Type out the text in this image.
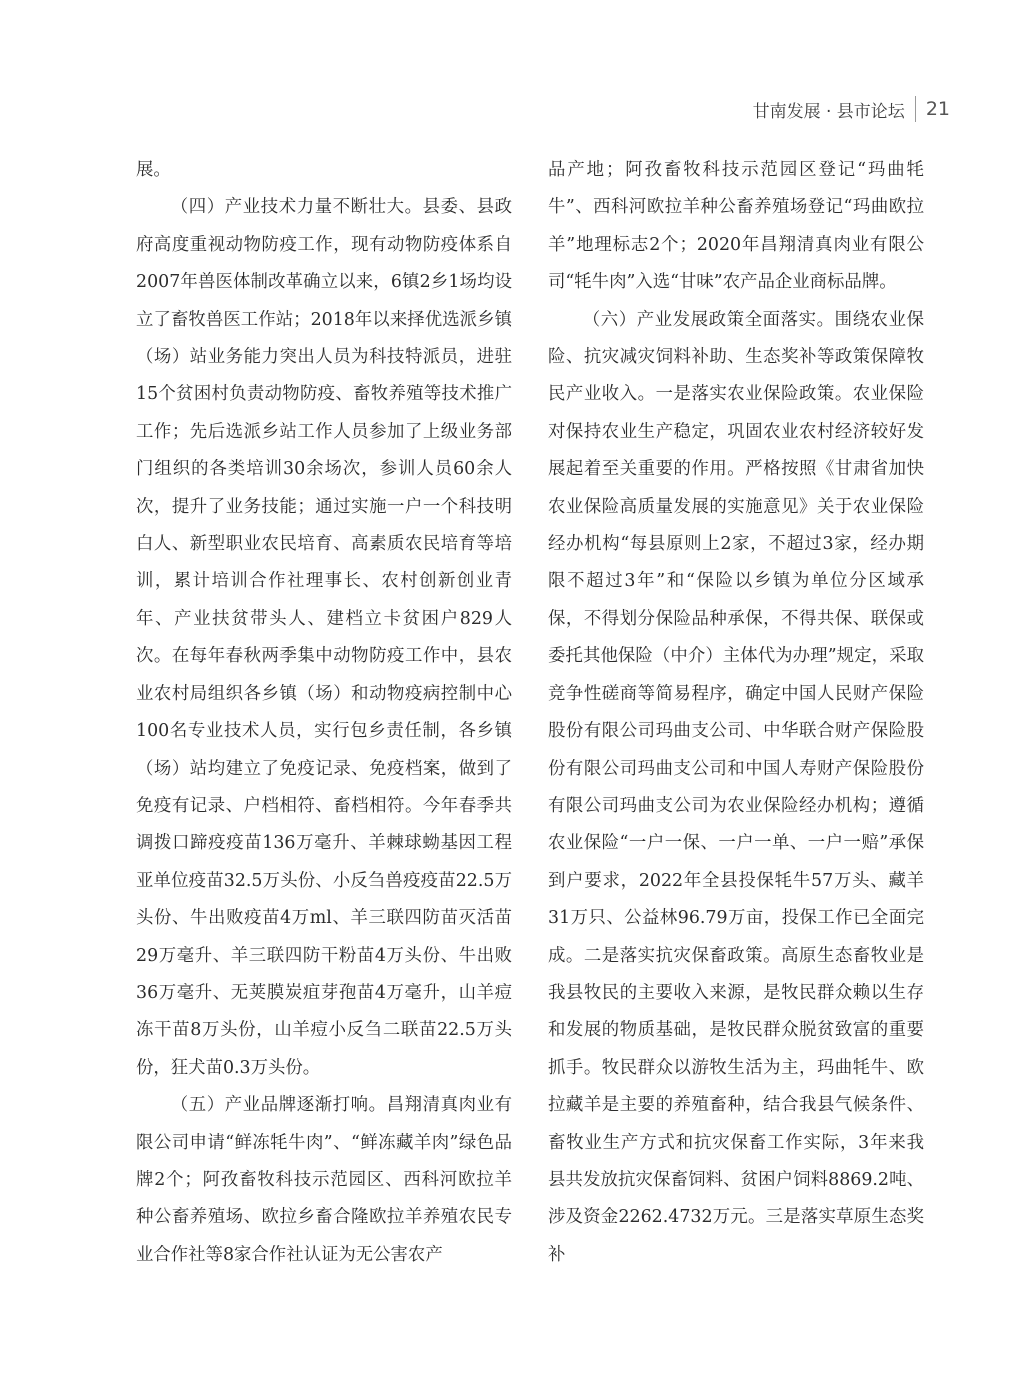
甘南发展 · 县市论坛 21

展。

（四）产业技术力量不断壮大。县委、县政府高度重视动物防疫工作，现有动物防疫体系自2007年兽医体制改革确立以来，6镇2乡1场均设立了畜牧兽医工作站；2018年以来择优选派乡镇（场）站业务能力突出人员为科技特派员，进驻15个贫困村负责动物防疫、畜牧养殖等技术推广工作；先后选派乡站工作人员参加了上级业务部门组织的各类培训30余场次，参训人员60余人次，提升了业务技能；通过实施一户一个科技明白人、新型职业农民培育、高素质农民培育等培训，累计培训合作社理事长、农村创新创业青年、产业扶贫带头人、建档立卡贫困户829人次。在每年春秋两季集中动物防疫工作中，县农业农村局组织各乡镇（场）和动物疫病控制中心100名专业技术人员，实行包乡责任制，各乡镇（场）站均建立了免疫记录、免疫档案，做到了免疫有记录、户档相符、畜档相符。今年春季共调拨口蹄疫疫苗136万毫升、羊棘球蚴基因工程亚单位疫苗32.5万头份、小反刍兽疫疫苗22.5万头份、牛出败疫苗4万ml、羊三联四防苗灭活苗29万毫升、羊三联四防干粉苗4万头份、牛出败36万毫升、无荚膜炭疽芽孢苗4万毫升，山羊痘冻干苗8万头份，山羊痘小反刍二联苗22.5万头份，狂犬苗0.3万头份。

（五）产业品牌逐渐打响。昌翔清真肉业有限公司申请“鲜冻牦牛肉”、“鲜冻藏羊肉”绿色品牌2个；阿孜畜牧科技示范园区、西科河欧拉羊种公畜养殖场、欧拉乡畜合隆欧拉羊养殖农民专业合作社等8家合作社认证为无公害农产

品产地；阿孜畜牧科技示范园区登记“玛曲牦牛”、西科河欧拉羊种公畜养殖场登记“玛曲欧拉羊”地理标志2个；2020年昌翔清真肉业有限公司“牦牛肉”入选“甘味”农产品企业商标品牌。

（六）产业发展政策全面落实。围绕农业保险、抗灾减灾饲料补助、生态奖补等政策保障牧民产业收入。一是落实农业保险政策。农业保险对保持农业生产稳定，巩固农业农村经济较好发展起着至关重要的作用。严格按照《甘肃省加快农业保险高质量发展的实施意见》关于农业保险经办机构“每县原则上2家，不超过3家，经办期限不超过3年”和“保险以乡镇为单位分区域承保，不得划分保险品种承保，不得共保、联保或委托其他保险（中介）主体代为办理”规定，采取竞争性磋商等简易程序，确定中国人民财产保险股份有限公司玛曲支公司、中华联合财产保险股份有限公司玛曲支公司和中国人寿财产保险股份有限公司玛曲支公司为农业保险经办机构；遵循农业保险“一户一保、一户一单、一户一赔”承保到户要求，2022年全县投保牦牛57万头、藏羊31万只、公益林96.79万亩，投保工作已全面完成。二是落实抗灾保畜政策。高原生态畜牧业是我县牧民的主要收入来源，是牧民群众赖以生存和发展的物质基础，是牧民群众脱贫致富的重要抓手。牧民群众以游牧生活为主，玛曲牦牛、欧拉藏羊是主要的养殖畜种，结合我县气候条件、畜牧业生产方式和抗灾保畜工作实际，3年来我县共发放抗灾保畜饲料、贫困户饲料8869.2吨、涉及资金2262.4732万元。三是落实草原生态奖补
